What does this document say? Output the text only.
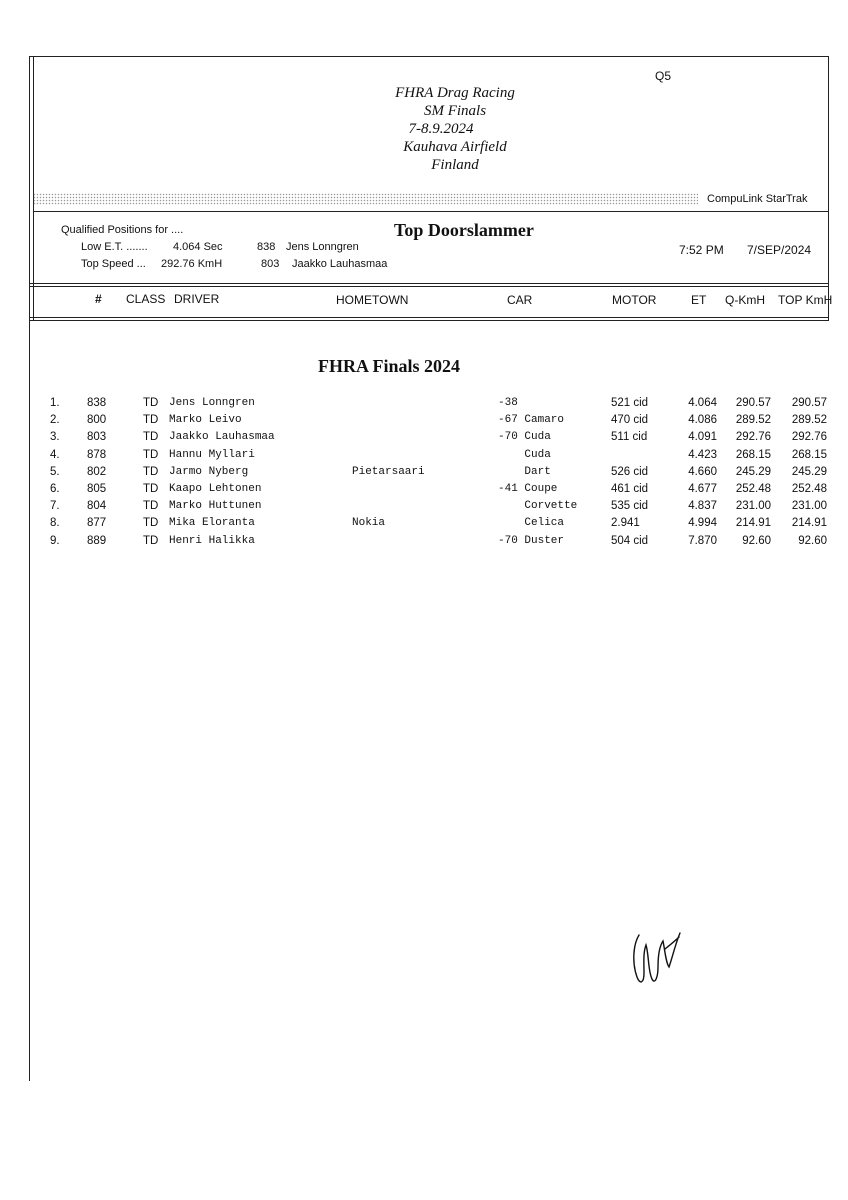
Q5
FHRA Drag Racing
SM Finals
7-8.9.2024
Kauhava Airfield
Finland
CompuLink StarTrak
Qualified Positions for ....	Top Doorslammer
Low E.T. ....... 4.064 Sec	838 Jens Lonngren
Top Speed ... 292.76 KmH	803 Jaakko Lauhasmaa
7:52 PM 7/SEP/2024
# CLASS DRIVER	HOMETOWN	CAR	MOTOR	ET Q-KmH TOP KmH
FHRA Finals 2024
1. 838	TD Jens Lonngren	-38	521 cid	4.064 290.57 290.57
2. 800	TD Marko Leivo	-67 Camaro	470 cid	4.086 289.52 289.52
3. 803	TD Jaakko Lauhasmaa	-70 Cuda	511 cid	4.091 292.76 292.76
4. 878	TD Hannu Myllari	Cuda	4.423 268.15 268.15
5. 802	TD Jarmo Nyberg	Pietarsaari	Dart	526 cid	4.660 245.29 245.29
6. 805	TD Kaapo Lehtonen	-41 Coupe	461 cid	4.677 252.48 252.48
7. 804	TD Marko Huttunen	Corvette	535 cid	4.837 231.00 231.00
8. 877	TD Mika Eloranta	Nokia	Celica	2.941	4.994 214.91 214.91
9. 889	TD Henri Halikka	-70 Duster	504 cid	7.870 92.60 92.60
